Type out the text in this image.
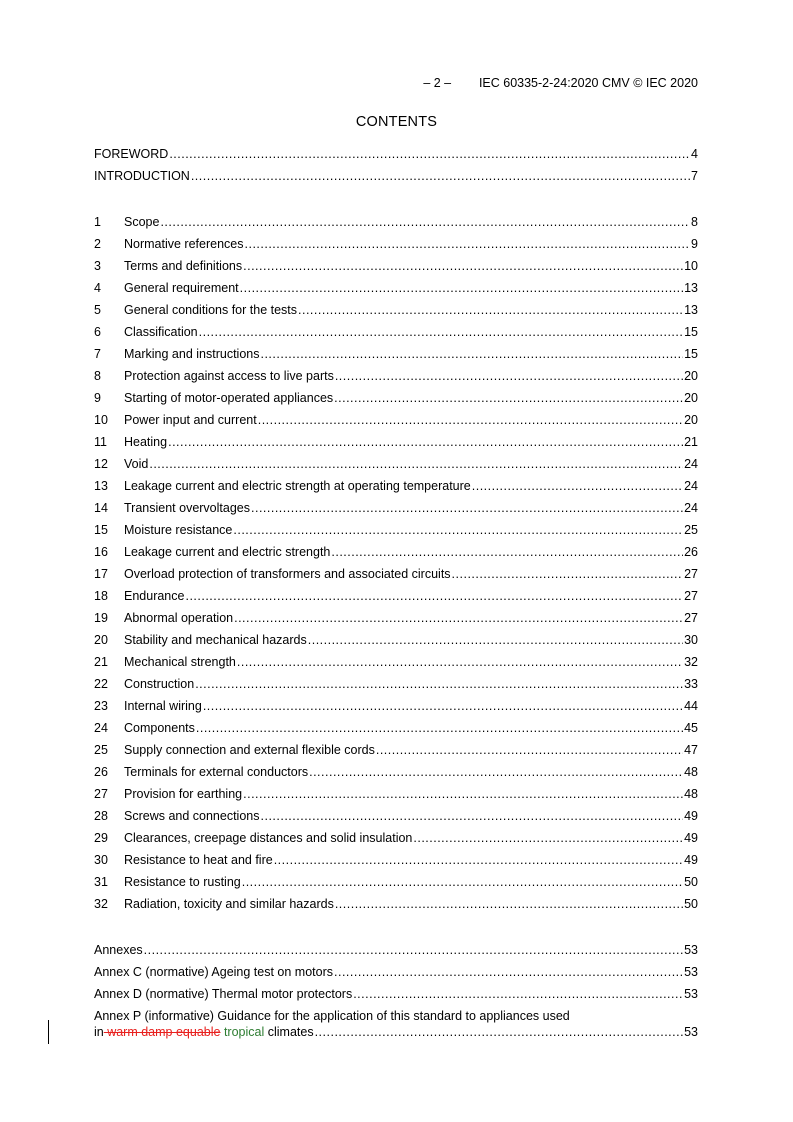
– 2 – IEC 60335-2-24:2020 CMV © IEC 2020
CONTENTS
FOREWORD .....	4
INTRODUCTION .....	7
1	Scope .....	8
2	Normative references .....	9
3	Terms and definitions .....	10
4	General requirement .....	13
5	General conditions for the tests .....	13
6	Classification .....	15
7	Marking and instructions .....	15
8	Protection against access to live parts .....	20
9	Starting of motor-operated appliances .....	20
10	Power input and current .....	20
11	Heating .....	21
12	Void .....	24
13	Leakage current and electric strength at operating temperature .....	24
14	Transient overvoltages .....	24
15	Moisture resistance .....	25
16	Leakage current and electric strength .....	26
17	Overload protection of transformers and associated circuits .....	27
18	Endurance .....	27
19	Abnormal operation .....	27
20	Stability and mechanical hazards .....	30
21	Mechanical strength .....	32
22	Construction .....	33
23	Internal wiring .....	44
24	Components .....	45
25	Supply connection and external flexible cords .....	47
26	Terminals for external conductors .....	48
27	Provision for earthing .....	48
28	Screws and connections .....	49
29	Clearances, creepage distances and solid insulation .....	49
30	Resistance to heat and fire .....	49
31	Resistance to rusting .....	50
32	Radiation, toxicity and similar hazards .....	50
Annexes .....	53
Annex C (normative) Ageing test on motors .....	53
Annex D (normative) Thermal motor protectors .....	53
Annex P (informative) Guidance for the application of this standard to appliances used
in warm damp equable tropical climates .....	53
